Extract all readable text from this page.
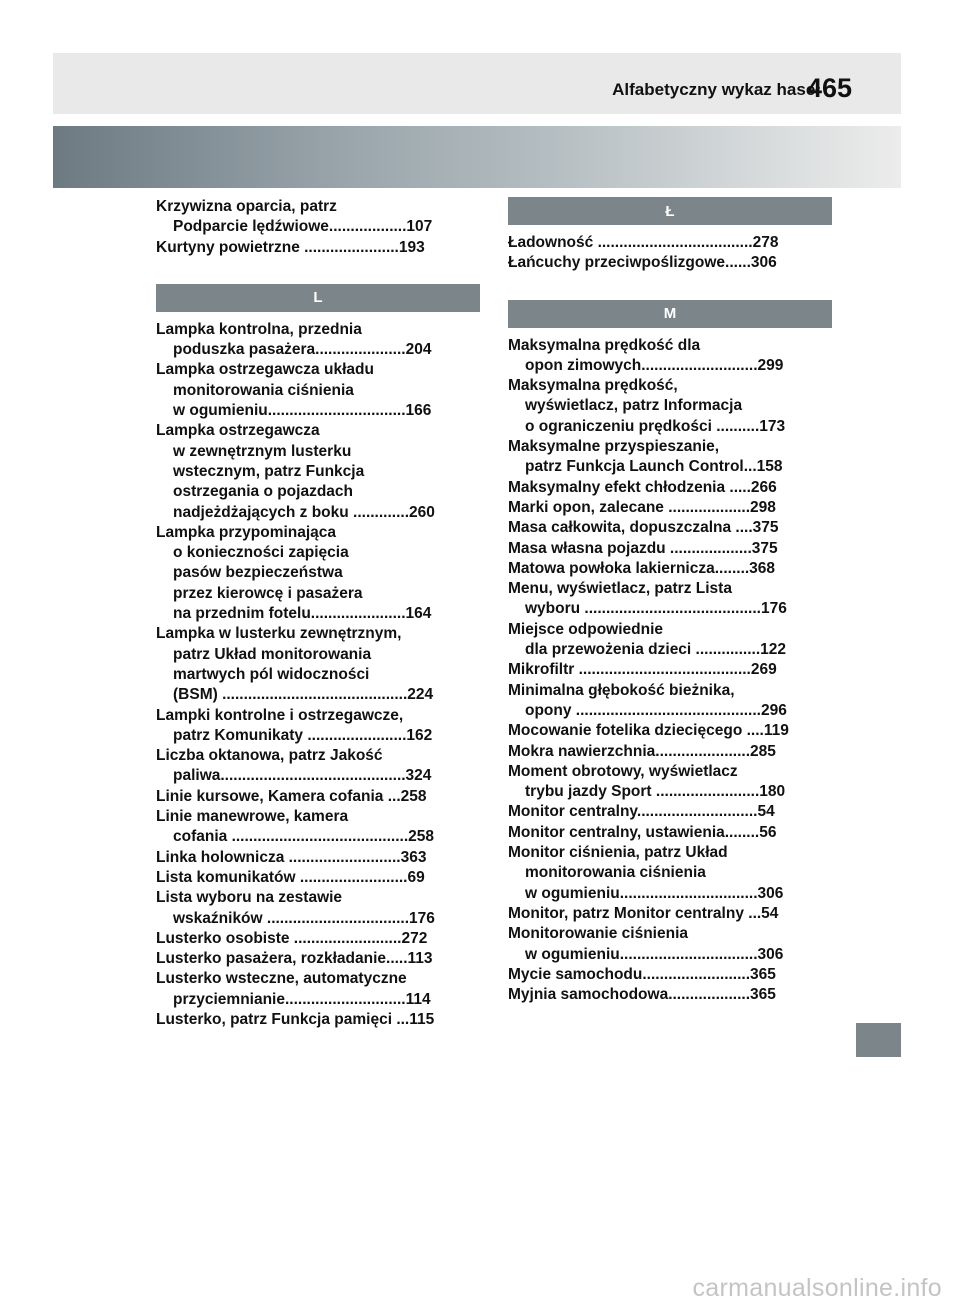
Alfabetyczny wykaz haseł
465
Krzywizna oparcia, patrz
Podparcie lędźwiowe..................107
Kurtyny powietrzne ......................193
L
Lampka kontrolna, przednia
poduszka pasażera.....................204
Lampka ostrzegawcza układu
monitorowania ciśnienia
w ogumieniu................................166
Lampka ostrzegawcza
w zewnętrznym lusterku
wstecznym, patrz Funkcja
ostrzegania o pojazdach
nadjeżdżających z boku .............260
Lampka przypominająca
o konieczności zapięcia
pasów bezpieczeństwa
przez kierowcę i pasażera
na przednim fotelu......................164
Lampka w lusterku zewnętrznym,
patrz Układ monitorowania
martwych pól widoczności
(BSM) ...........................................224
Lampki kontrolne i ostrzegawcze,
patrz Komunikaty .......................162
Liczba oktanowa, patrz Jakość
paliwa...........................................324
Linie kursowe, Kamera cofania ...258
Linie manewrowe, kamera
cofania .........................................258
Linka holownicza ..........................363
Lista komunikatów .........................69
Lista wyboru na zestawie
wskaźników .................................176
Lusterko osobiste .........................272
Lusterko pasażera, rozkładanie.....113
Lusterko wsteczne, automatyczne
przyciemnianie............................114
Lusterko, patrz Funkcja pamięci ...115
Ł
Ładowność ....................................278
Łańcuchy przeciwpoślizgowe......306
M
Maksymalna prędkość dla
opon zimowych...........................299
Maksymalna prędkość,
wyświetlacz, patrz Informacja
o ograniczeniu prędkości ..........173
Maksymalne przyspieszanie,
patrz Funkcja Launch Control...158
Maksymalny efekt chłodzenia .....266
Marki opon, zalecane ...................298
Masa całkowita, dopuszczalna ....375
Masa własna pojazdu ...................375
Matowa powłoka lakiernicza........368
Menu, wyświetlacz, patrz Lista
wyboru .........................................176
Miejsce odpowiednie
dla przewożenia dzieci ...............122
Mikrofiltr ........................................269
Minimalna głębokość bieżnika,
opony ...........................................296
Mocowanie fotelika dziecięcego ....119
Mokra nawierzchnia......................285
Moment obrotowy, wyświetlacz
trybu jazdy Sport ........................180
Monitor centralny............................54
Monitor centralny, ustawienia........56
Monitor ciśnienia, patrz Układ
monitorowania ciśnienia
w ogumieniu................................306
Monitor, patrz Monitor centralny ...54
Monitorowanie ciśnienia
w ogumieniu................................306
Mycie samochodu.........................365
Myjnia samochodowa...................365
carmanualsonline.info
